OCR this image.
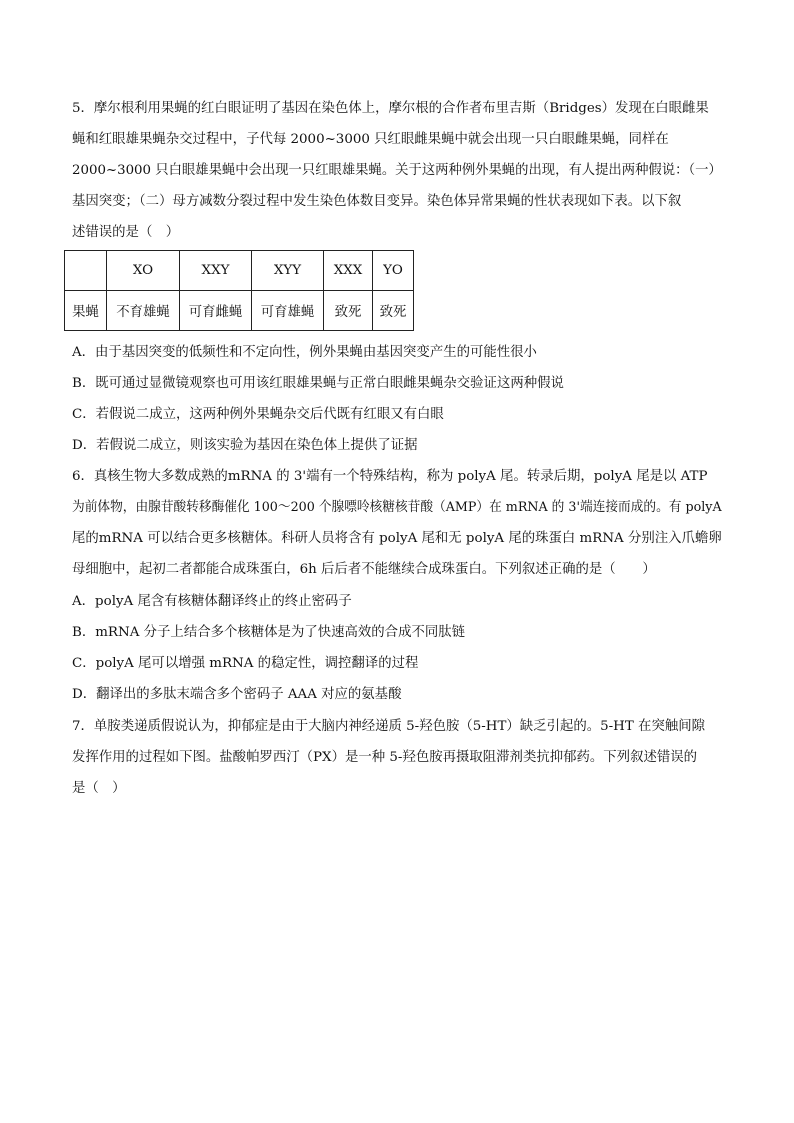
5．摩尔根利用果蝇的红白眼证明了基因在染色体上，摩尔根的合作者布里吉斯（Bridges）发现在白眼雌果
蝇和红眼雄果蝇杂交过程中，子代每 2000~3000 只红眼雌果蝇中就会出现一只白眼雌果蝇，同样在
2000~3000 只白眼雄果蝇中会出现一只红眼雄果蝇。关于这两种例外果蝇的出现，有人提出两种假说：（一）
基因突变；（二）母方减数分裂过程中发生染色体数目变异。染色体异常果蝇的性状表现如下表。以下叙
述错误的是（　）
	XO	XXY	XYY	XXX	YO
果蝇	不育雄蝇	可育雌蝇	可育雄蝇	致死	致死
A．由于基因突变的低频性和不定向性，例外果蝇由基因突变产生的可能性很小
B．既可通过显微镜观察也可用该红眼雄果蝇与正常白眼雌果蝇杂交验证这两种假说
C．若假说二成立，这两种例外果蝇杂交后代既有红眼又有白眼
D．若假说二成立，则该实验为基因在染色体上提供了证据
6．真核生物大多数成熟的mRNA 的 3'端有一个特殊结构，称为 polyA 尾。转录后期，polyA 尾是以 ATP
为前体物，由腺苷酸转移酶催化 100～200 个腺嘌呤核糖核苷酸（AMP）在 mRNA 的 3'端连接而成的。有 polyA
尾的mRNA 可以结合更多核糖体。科研人员将含有 polyA 尾和无 polyA 尾的珠蛋白 mRNA 分别注入爪蟾卵
母细胞中，起初二者都能合成珠蛋白，6h 后后者不能继续合成珠蛋白。下列叙述正确的是（　　）
A．polyA 尾含有核糖体翻译终止的终止密码子
B．mRNA 分子上结合多个核糖体是为了快速高效的合成不同肽链
C．polyA 尾可以增强 mRNA 的稳定性，调控翻译的过程
D．翻译出的多肽末端含多个密码子 AAA 对应的氨基酸
7．单胺类递质假说认为，抑郁症是由于大脑内神经递质 5-羟色胺（5-HT）缺乏引起的。5-HT 在突触间隙
发挥作用的过程如下图。盐酸帕罗西汀（PX）是一种 5-羟色胺再摄取阻滞剂类抗抑郁药。下列叙述错误的
是（　）
